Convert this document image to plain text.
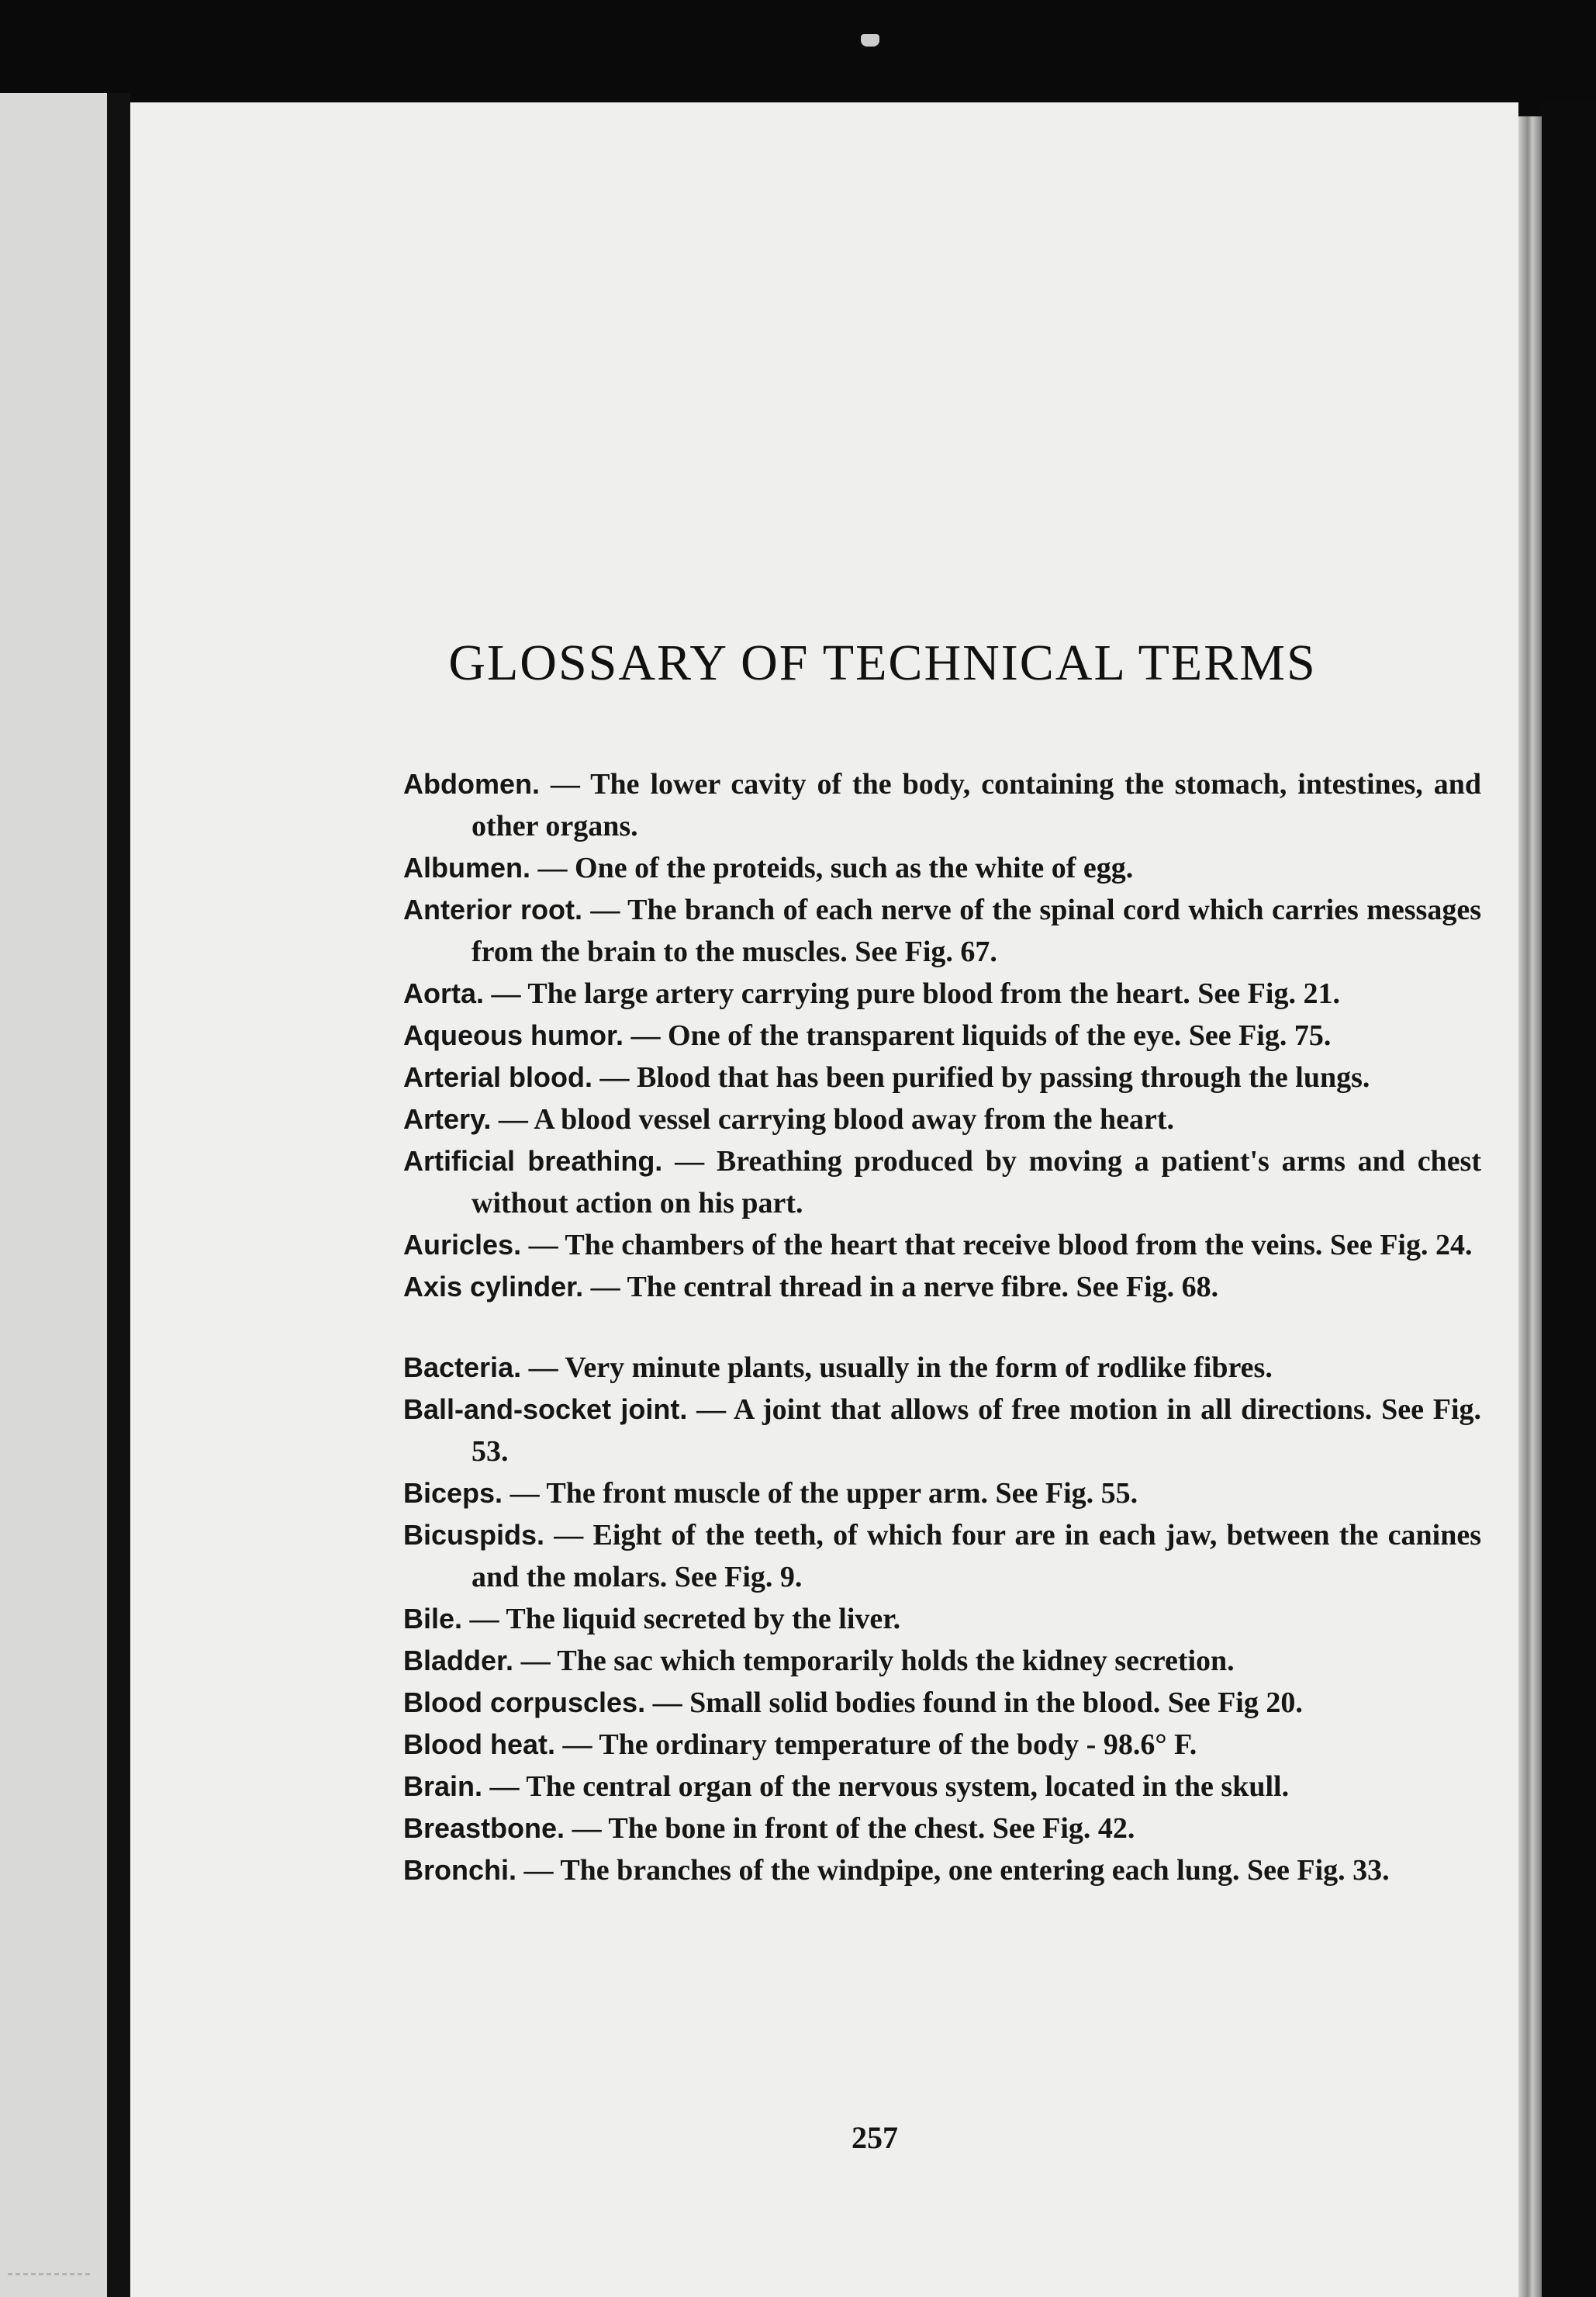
GLOSSARY OF TECHNICAL TERMS

Abdomen. — The lower cavity of the body, containing the stomach, intestines, and other organs.

Albumen. — One of the proteids, such as the white of egg.

Anterior root. — The branch of each nerve of the spinal cord which carries messages from the brain to the muscles. See Fig. 67.

Aorta. — The large artery carrying pure blood from the heart. See Fig. 21.

Aqueous humor. — One of the transparent liquids of the eye. See Fig. 75.

Arterial blood. — Blood that has been purified by passing through the lungs.

Artery. — A blood vessel carrying blood away from the heart.

Artificial breathing. — Breathing produced by moving a patient's arms and chest without action on his part.

Auricles. — The chambers of the heart that receive blood from the veins. See Fig. 24.

Axis cylinder. — The central thread in a nerve fibre. See Fig. 68.

Bacteria. — Very minute plants, usually in the form of rodlike fibres.

Ball-and-socket joint. — A joint that allows of free motion in all directions. See Fig. 53.

Biceps. — The front muscle of the upper arm. See Fig. 55.

Bicuspids. — Eight of the teeth, of which four are in each jaw, between the canines and the molars. See Fig. 9.

Bile. — The liquid secreted by the liver.

Bladder. — The sac which temporarily holds the kidney secretion.

Blood corpuscles. — Small solid bodies found in the blood. See Fig 20.

Blood heat. — The ordinary temperature of the body - 98.6° F.

Brain. — The central organ of the nervous system, located in the skull.

Breastbone. — The bone in front of the chest. See Fig. 42.

Bronchi. — The branches of the windpipe, one entering each lung. See Fig. 33.

257
